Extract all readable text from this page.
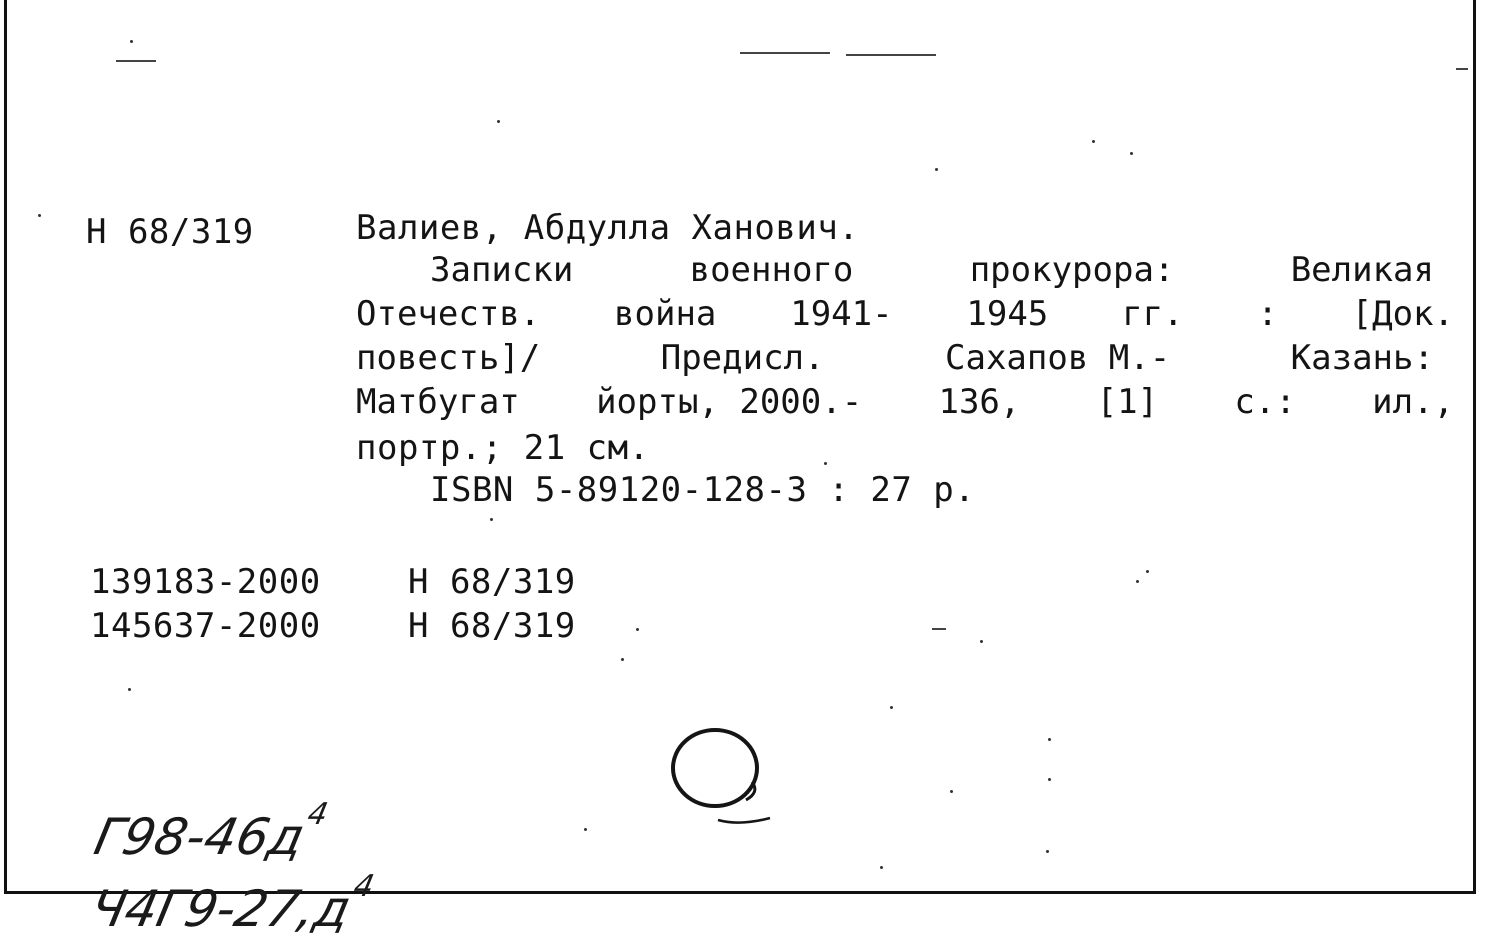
Н 68/319	Валиев, Абдулла Ханович.
Записки	военного	прокурора:	Великая
Отечеств. война 1941- 1945 гг. : [Док.
повесть]/	Предисл.	Сахапов М.-	Казань:
Матбугат йорты, 2000.- 136, [1] с.: ил.,
портр.; 21 см.
ISBN 5-89120-128-3 : 27 р.
139183-2000	Н 68/319
145637-2000	Н 68/319

$Г98-46д^4$

$Ч4Г9-27,д^4$
